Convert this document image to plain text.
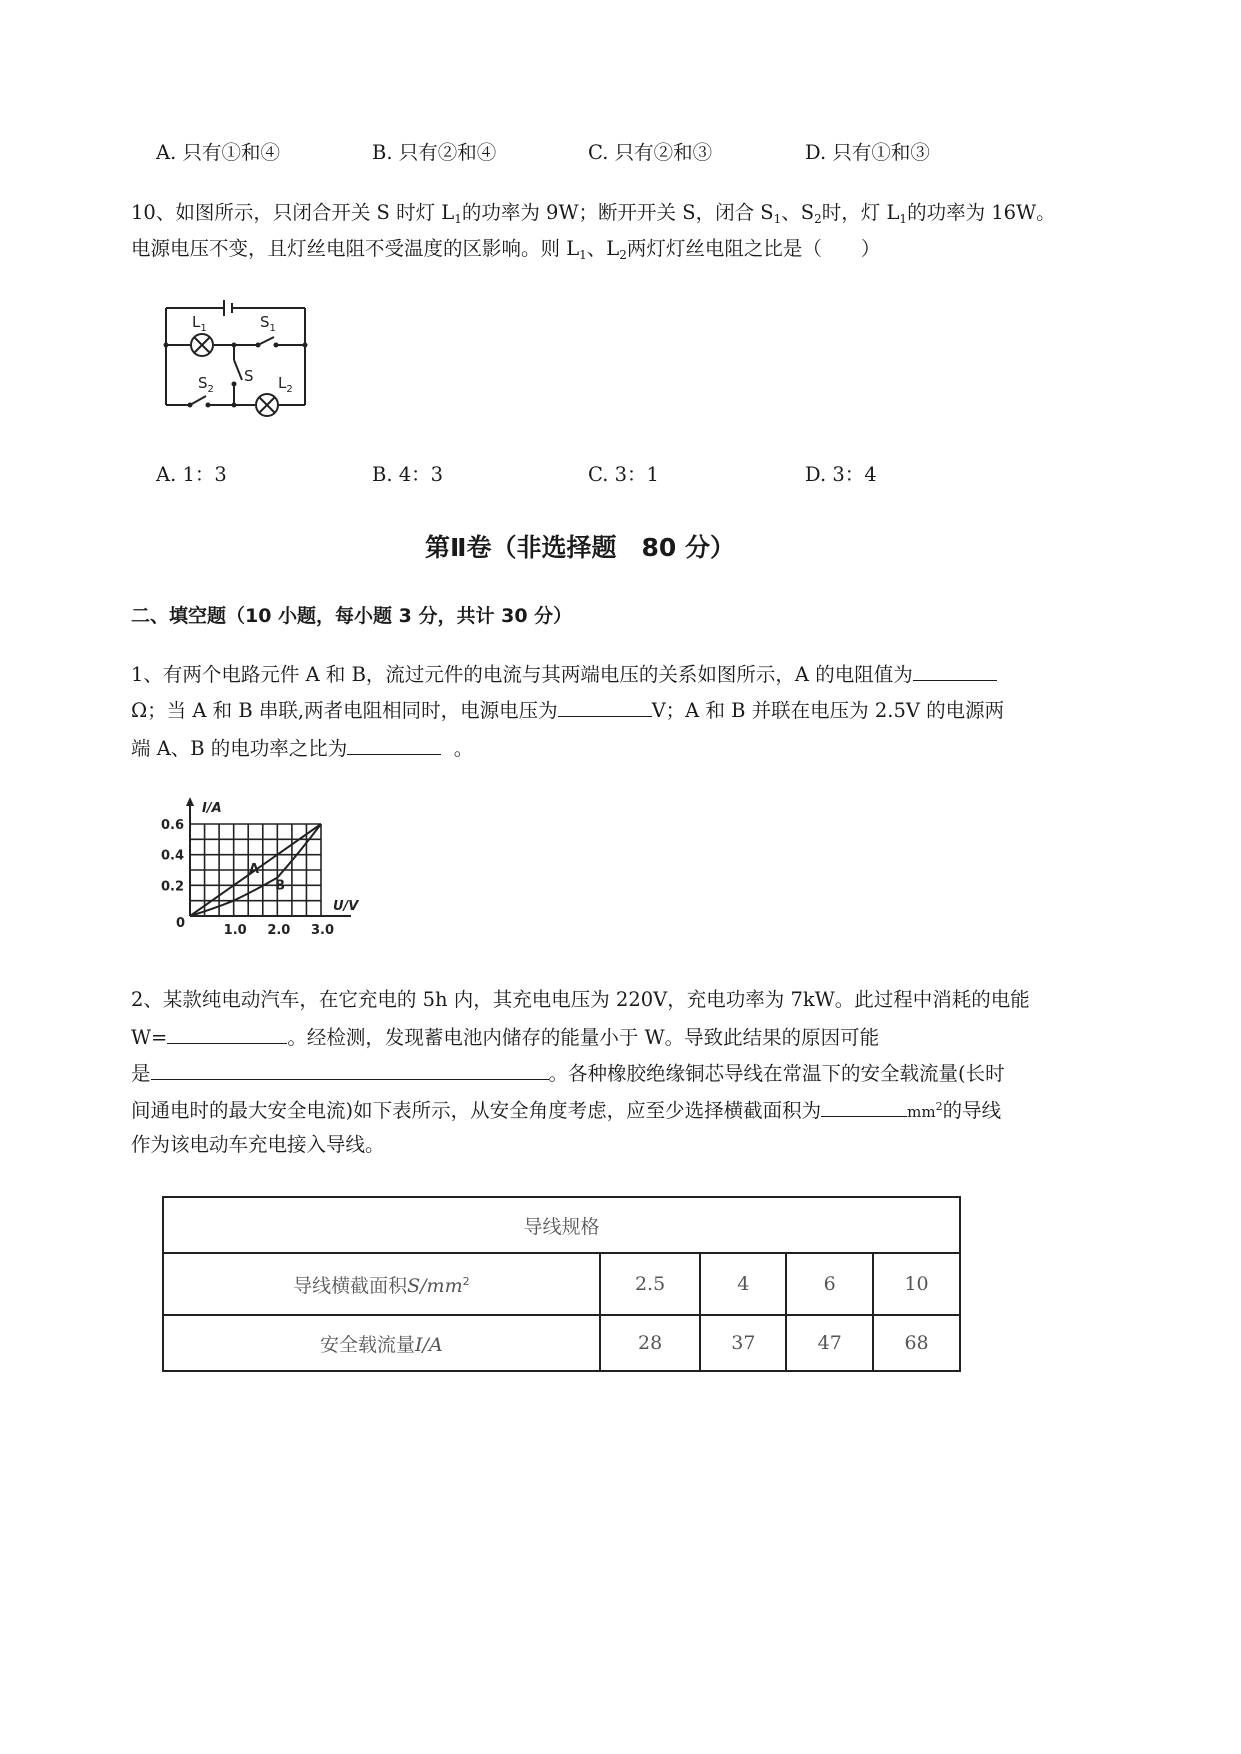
A. 只有①和④	B. 只有②和④	C. 只有②和③	D. 只有①和③
10、如图所示，只闭合开关 S 时灯 $L_1$的功率为 9W；断开开关 S，闭合 $S_1$、$S_2$时，灯 $L_1$的功率为 16W。
电源电压不变，且灯丝电阻不受温度的区影响。则 $L_1$、$L_2$两灯灯丝电阻之比是（　　）
$L_1$	$S_1$
S
$S_2$	$L_2$
A. 1：3	B. 4：3	C. 3：1	D. 3：4
第Ⅱ卷（非选择题　80 分）
二、填空题（10 小题，每小题 3 分，共计 30 分）
1、有两个电路元件 A 和 B，流过元件的电流与其两端电压的关系如图所示，A 的电阻值为
Ω；当 A 和 B 串联,两者电阻相同时，电源电压为	V；A 和 B 并联在电压为 2.5V 的电源两
端 A、B 的电功率之比为	。
I/A
U/V
0	1.0 2.0 3.0
0.2
0.4
0.6
A
B
2、某款纯电动汽车，在它充电的 5h 内，其充电电压为 220V，充电功率为 7kW。此过程中消耗的电能
W=	。经检测，发现蓄电池内储存的能量小于 W。导致此结果的原因可能
是	。各种橡胶绝缘铜芯导线在常温下的安全载流量(长时
间通电时的最大安全电流)如下表所示，从安全角度考虑，应至少选择横截面积为	$mm^2$的导线
作为该电动车充电接入导线。
导线规格				
导线横截面积$S/mm^2$	2.5	4	6	10
安全载流量I/A	28	37	47	68
